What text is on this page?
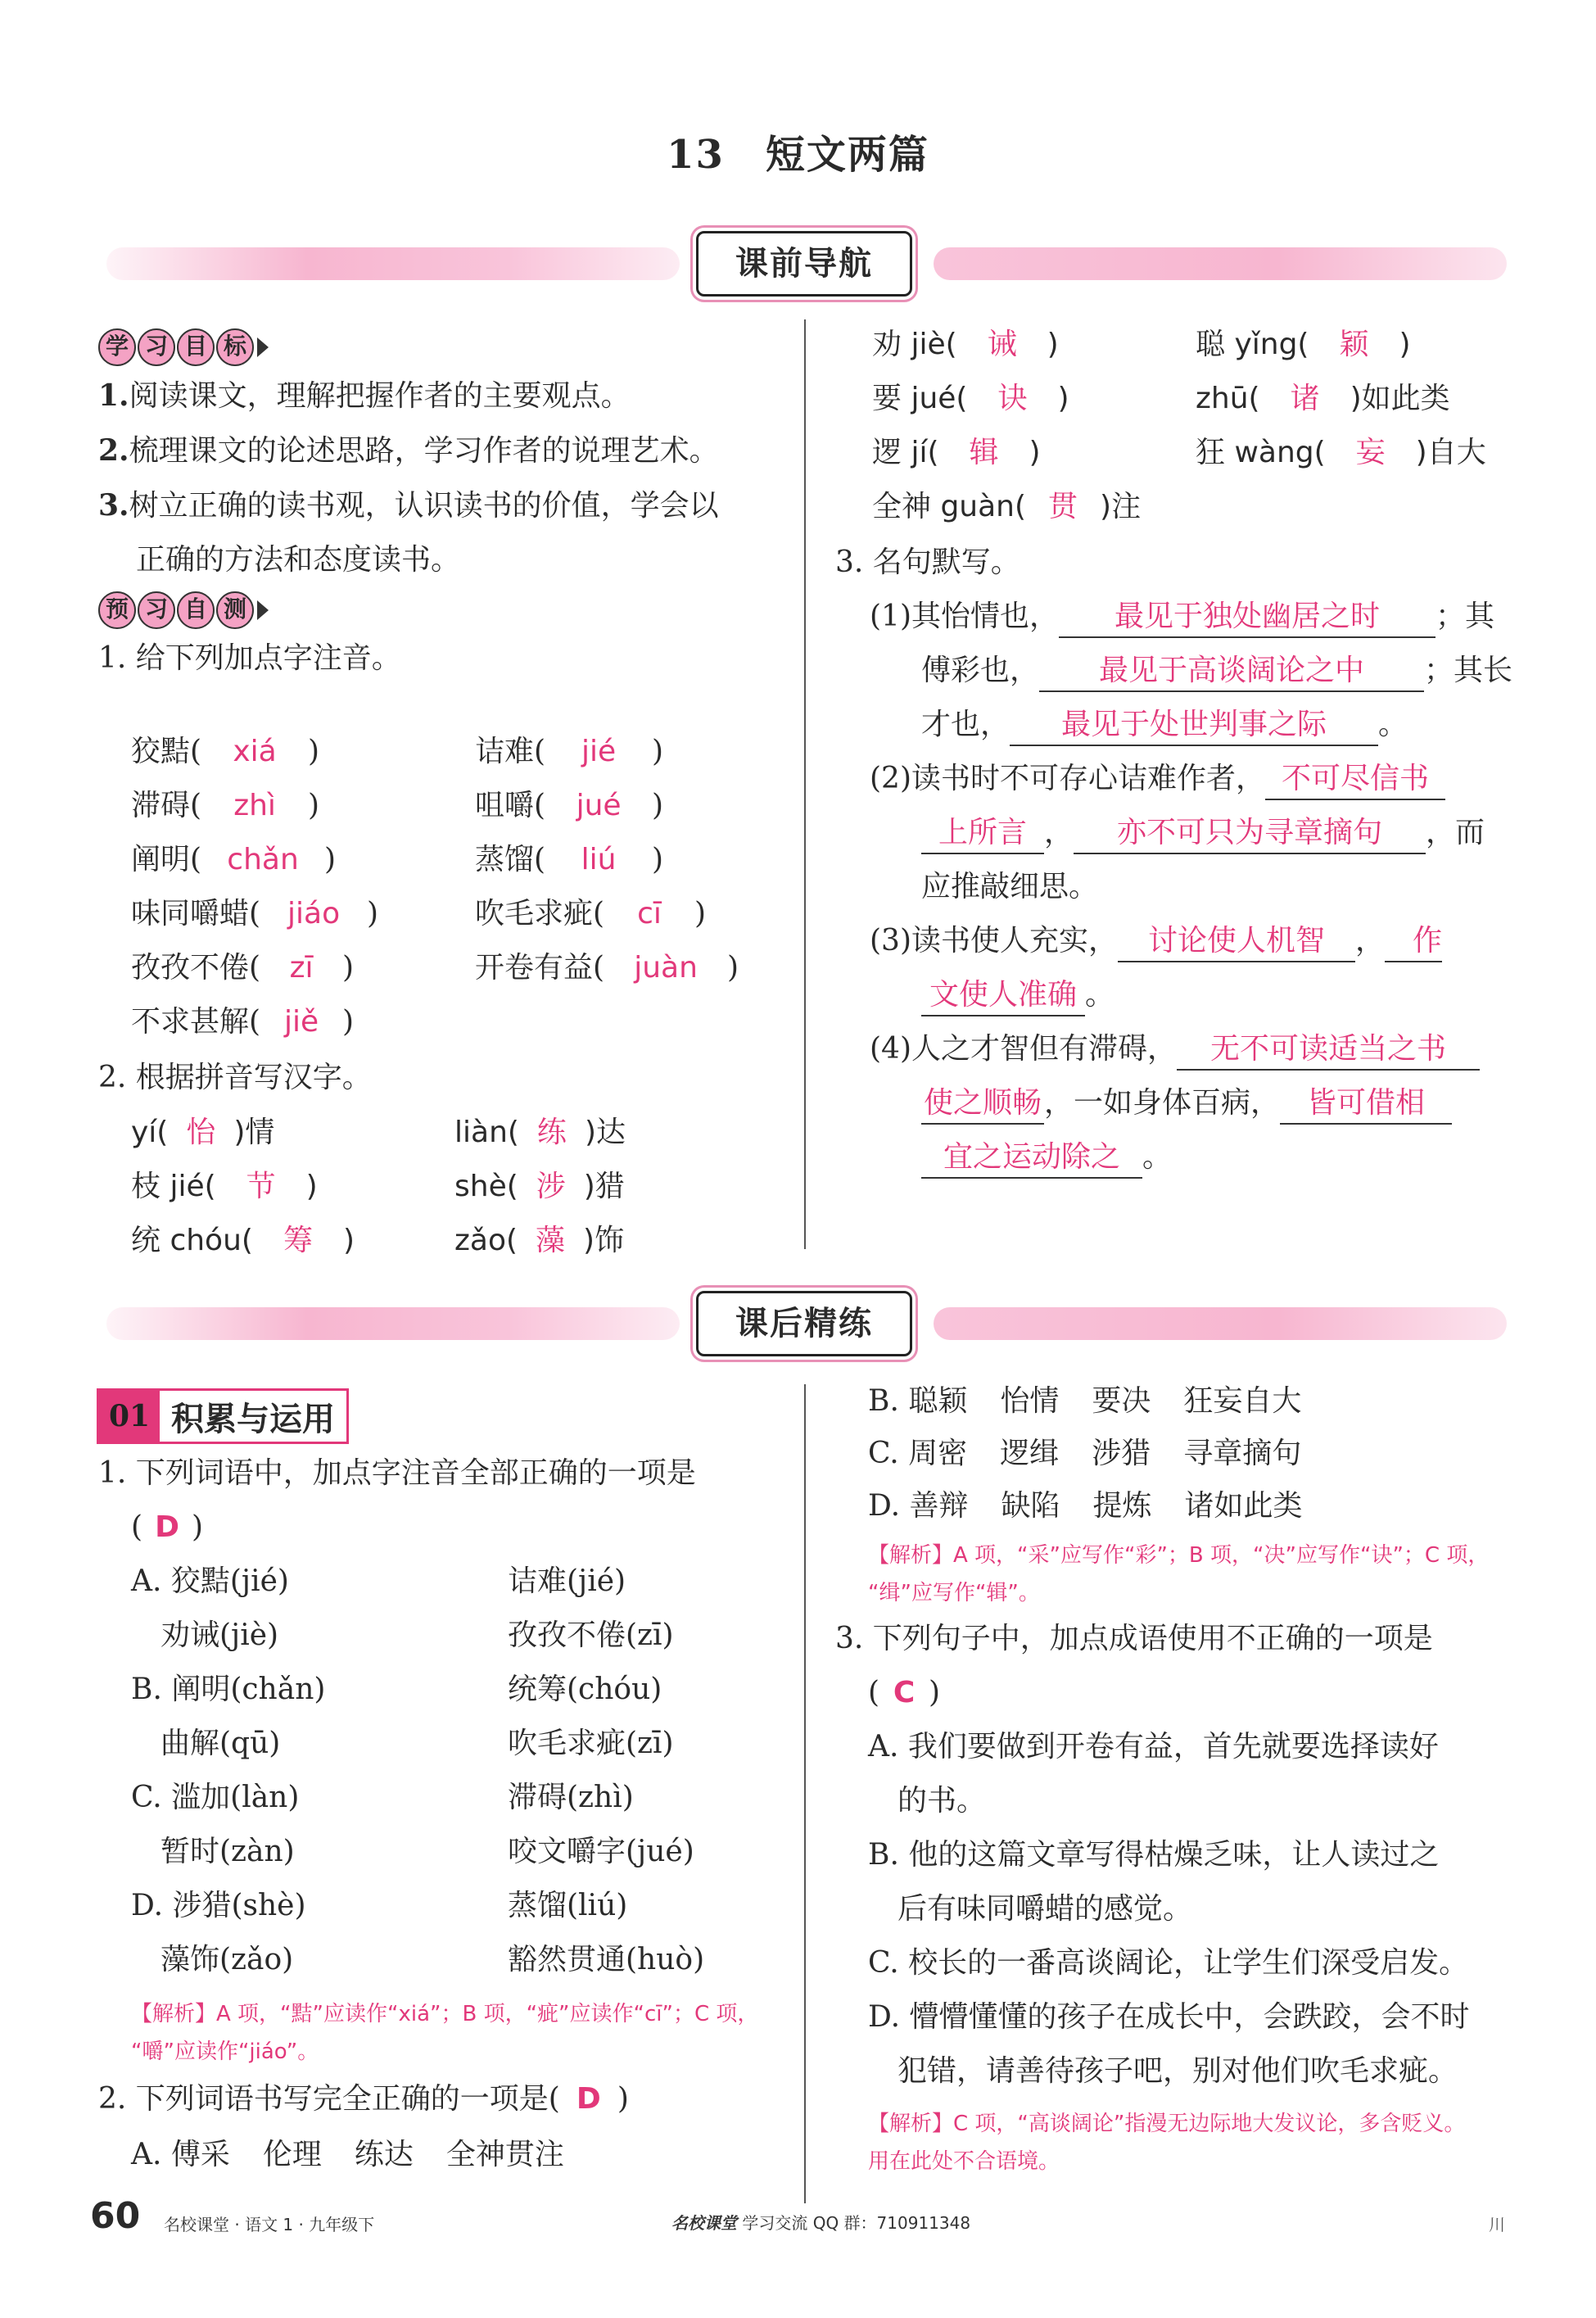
13　短文两篇
课前导航
学 习 目 标
1.阅读课文，理解把握作者的主要观点。
2.梳理课文的论述思路，学习作者的说理艺术。
3.树立正确的读书观，认识读书的价值，学会以
正确的方法和态度读书。
预 习 自 测
1. 给下列加点字注音。
狡黠( xiá )	诘难( jié )
滞碍( zhì )	咀嚼( jué )
阐明( chǎn )	蒸馏( liú )
味同嚼蜡( jiáo )	吹毛求疵( cī )
孜孜不倦( zī )	开卷有益( juàn )
不求甚解( jiě )
2. 根据拼音写汉字。
yí( 怡 )情	liàn( 练 )达
枝 jié( 节 )	shè( 涉 )猎
统 chóu( 筹 )	zǎo( 藻 )饰
劝 jiè( 诫 )	聪 yǐng( 颖 )
要 jué( 诀 )	zhū( 诸 )如此类
逻 jí( 辑 )	狂 wàng( 妄 )自大
全神 guàn( 贯 )注
3. 名句默写。
(1)其怡情也， 最见于独处幽居之时 ；其
傅彩也， 最见于高谈阔论之中 ；其长
才也， 最见于处世判事之际 。
(2)读书时不可存心诘难作者， 不可尽信书
上所言 ， 亦不可只为寻章摘句 ，而
应推敲细思。
(3)读书使人充实， 讨论使人机智 ， 作
文使人准确 。
(4)人之才智但有滞碍， 无不可读适当之书
使之顺畅，一如身体百病， 皆可借相
宜之运动除之 。
课后精练
01 积累与运用
1. 下列词语中，加点字注音全部正确的一项是
( D )
A. 狡黠(jié)	诘难(jié)
　劝诫(jiè)	孜孜不倦(zī)
B. 阐明(chǎn)	统筹(chóu)
　曲解(qū)	吹毛求疵(zī)
C. 滥加(làn)	滞碍(zhì)
　暂时(zàn)	咬文嚼字(jué)
D. 涉猎(shè)	蒸馏(liú)
　藻饰(zǎo)	豁然贯通(huò)
【解析】A 项，“黠”应读作“xiá”；B 项，“疵”应读作“cī”；C 项，
“嚼”应读作“jiáo”。
2. 下列词语书写完全正确的一项是( D )
A. 傅采 伦理 练达 全神贯注
B. 聪颖 怡情 要决 狂妄自大
C. 周密 逻缉 涉猎 寻章摘句
D. 善辩 缺陷 提炼 诸如此类
【解析】A 项，“采”应写作“彩”；B 项，“决”应写作“诀”；C 项，
“缉”应写作“辑”。
3. 下列句子中，加点成语使用不正确的一项是
( C )
A. 我们要做到开卷有益，首先就要选择读好
　的书。
B. 他的这篇文章写得枯燥乏味，让人读过之
　后有味同嚼蜡的感觉。
C. 校长的一番高谈阔论，让学生们深受启发。
D. 懵懵懂懂的孩子在成长中，会跌跤，会不时
　犯错，请善待孩子吧，别对他们吹毛求疵。
【解析】C 项，“高谈阔论”指漫无边际地大发议论，多含贬义。
用在此处不合语境。
60 名校课堂 · 语文 1 · 九年级下	名校课堂 学习交流 QQ 群：710911348	川
